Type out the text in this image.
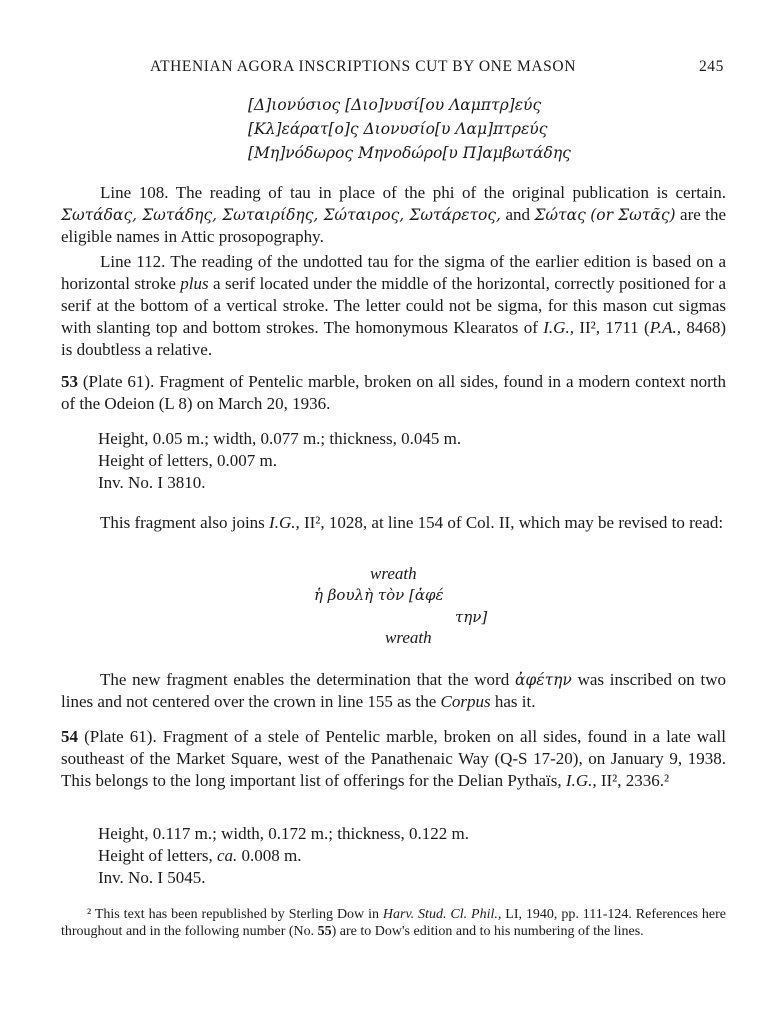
ATHENIAN AGORA INSCRIPTIONS CUT BY ONE MASON	245
[Δ]ιονύσιος [Διο]νυσί[ου Λαμπτρ]εύς
[Κλ]εάρατ[ο]ς Διονυσίο[υ Λαμ]πτρεύς
[Μη]νόδωρος Μηνοδώρο[υ Π]αμβωτάδης

Line 108. The reading of tau in place of the phi of the original publication is certain. Σωτάδας, Σωτάδης, Σωταιρίδης, Σώταιρος, Σωτάρετος, and Σώτας (or Σωτᾶς) are the eligible names in Attic prosopography.

Line 112. The reading of the undotted tau for the sigma of the earlier edition is based on a horizontal stroke plus a serif located under the middle of the horizontal, correctly positioned for a serif at the bottom of a vertical stroke. The letter could not be sigma, for this mason cut sigmas with slanting top and bottom strokes. The homonymous Klearatos of I.G., II², 1711 (P.A., 8468) is doubtless a relative.

53 (Plate 61). Fragment of Pentelic marble, broken on all sides, found in a modern context north of the Odeion (L 8) on March 20, 1936.

Height, 0.05 m.; width, 0.077 m.; thickness, 0.045 m.
Height of letters, 0.007 m.
Inv. No. I 3810.

This fragment also joins I.G., II², 1028, at line 154 of Col. II, which may be revised to read:

wreath
ἡ βουλὴ τὸν [ἀφέ
την]
wreath

The new fragment enables the determination that the word ἀφέτην was inscribed on two lines and not centered over the crown in line 155 as the Corpus has it.

54 (Plate 61). Fragment of a stele of Pentelic marble, broken on all sides, found in a late wall southeast of the Market Square, west of the Panathenaic Way (Q-S 17-20), on January 9, 1938. This belongs to the long important list of offerings for the Delian Pythaïs, I.G., II², 2336.²

Height, 0.117 m.; width, 0.172 m.; thickness, 0.122 m.
Height of letters, ca. 0.008 m.
Inv. No. I 5045.

² This text has been republished by Sterling Dow in Harv. Stud. Cl. Phil., LI, 1940, pp. 111-124. References here throughout and in the following number (No. 55) are to Dow's edition and to his numbering of the lines.
